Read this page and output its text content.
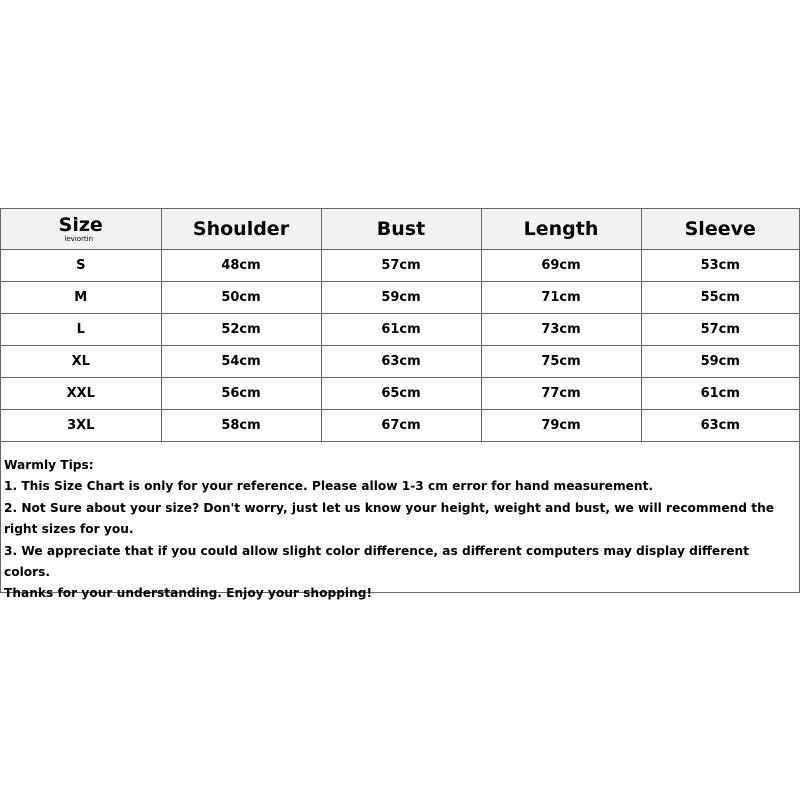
Size
leviortin	Shoulder	Bust	Length	Sleeve
S	48cm	57cm	69cm	53cm
M	50cm	59cm	71cm	55cm
L	52cm	61cm	73cm	57cm
XL	54cm	63cm	75cm	59cm
XXL	56cm	65cm	77cm	61cm
3XL	58cm	67cm	79cm	63cm
Warmly Tips:
1. This Size Chart is only for your reference. Please allow 1-3 cm error for hand measurement.
2. Not Sure about your size? Don't worry, just let us know your height, weight and bust, we will recommend the right sizes for you.
3. We appreciate that if you could allow slight color difference, as different computers may display different colors.
Thanks for your understanding. Enjoy your shopping!
